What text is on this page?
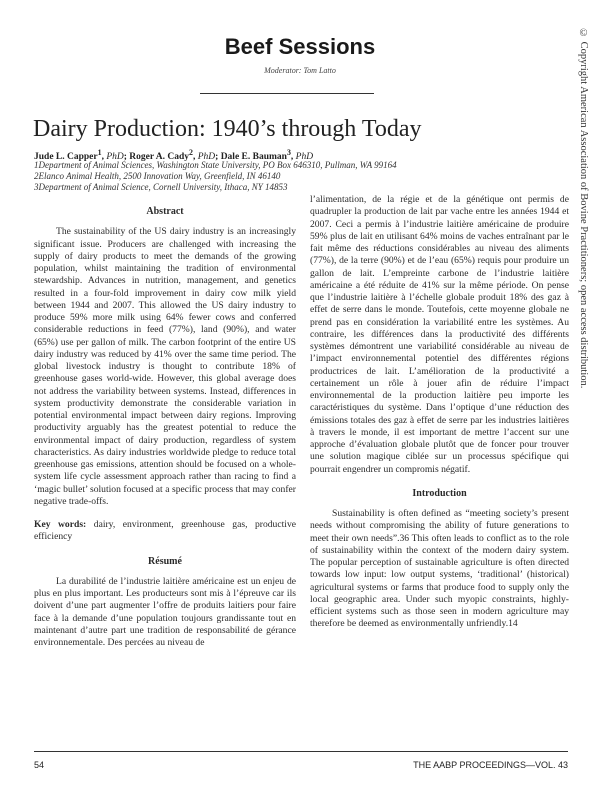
Beef Sessions
Moderator: Tom Latto
Dairy Production: 1940’s through Today
Jude L. Capper$^1$, PhD; Roger A. Cady$^2$, PhD; Dale E. Bauman$^3$, PhD
1Department of Animal Sciences, Washington State University, PO Box 646310, Pullman, WA 99164
2Elanco Animal Health, 2500 Innovation Way, Greenfield, IN 46140
3Department of Animal Science, Cornell University, Ithaca, NY 14853
Abstract

The sustainability of the US dairy industry is an increasingly significant issue. Producers are challenged with increasing the supply of dairy products to meet the demands of the growing population, whilst maintaining the tradition of environmental stewardship. Advances in nutrition, management, and genetics resulted in a four-fold improvement in dairy cow milk yield between 1944 and 2007. This allowed the US dairy industry to produce 59% more milk using 64% fewer cows and conferred considerable reductions in feed (77%), land (90%), and water (65%) use per gallon of milk. The carbon footprint of the entire US dairy industry was reduced by 41% over the same time period. The global livestock industry is thought to contribute 18% of greenhouse gases world-wide. However, this global average does not address the variability between systems. Instead, differences in system productivity demonstrate the considerable variation in potential environmental impact between dairy regions. Improving productivity arguably has the greatest potential to reduce the environmental impact of dairy production, regardless of system characteristics. As dairy industries worldwide pledge to reduce total greenhouse gas emissions, attention should be focused on a whole-system life cycle assessment approach rather than racing to find a ‘magic bullet’ solution focused at a specific process that may confer negative trade-offs.

Key words: dairy, environment, greenhouse gas, productive efficiency

Résumé

La durabilité de l’industrie laitière américaine est un enjeu de plus en plus important. Les producteurs sont mis à l’épreuve car ils doivent d’une part augmenter l’offre de produits laitiers pour faire face à la demande d’une population toujours grandissante tout en maintenant d’autre part une tradition de responsabilité de gérance environnementale. Des percées au niveau de

l’alimentation, de la régie et de la génétique ont permis de quadrupler la production de lait par vache entre les années 1944 et 2007. Ceci a permis à l’industrie laitière américaine de produire 59% plus de lait en utilisant 64% moins de vaches entraînant par le fait même des réductions considérables au niveau des aliments (77%), de la terre (90%) et de l’eau (65%) requis pour produire un gallon de lait. L’empreinte carbone de l’industrie laitière américaine a été réduite de 41% sur la même période. On pense que l’industrie laitière à l’échelle globale produit 18% des gaz à effet de serre dans le monde. Toutefois, cette moyenne globale ne prend pas en considération la variabilité entre les systèmes. Au contraire, les différences dans la productivité des différents systèmes démontrent une variabilité considérable au niveau de l’impact environnemental potentiel des différentes régions productrices de lait. L’amélioration de la productivité a certainement un rôle à jouer afin de réduire l’impact environnemental de la production laitière peu importe les caractéristiques du système. Dans l’optique d’une réduction des émissions totales des gaz à effet de serre par les industries laitières à travers le monde, il est important de mettre l’accent sur une approche d’évaluation globale plutôt que de foncer pour trouver une solution magique ciblée sur un processus spécifique qui pourrait engendrer un compromis négatif.

Introduction

Sustainability is often defined as “meeting society’s present needs without compromising the ability of future generations to meet their own needs”.36 This often leads to conflict as to the role of sustainability within the context of the modern dairy system. The popular perception of sustainable agriculture is often directed towards low input: low output systems, ‘traditional’ (historical) agricultural systems or farms that produce food to supply only the local geographic area. Under such myopic constraints, highly-efficient systems such as those seen in modern agriculture may therefore be deemed as environmentally unfriendly.14

54	THE AABP PROCEEDINGS—VOL. 43
© Copyright American Association of Bovine Practitioners; open access distribution.
